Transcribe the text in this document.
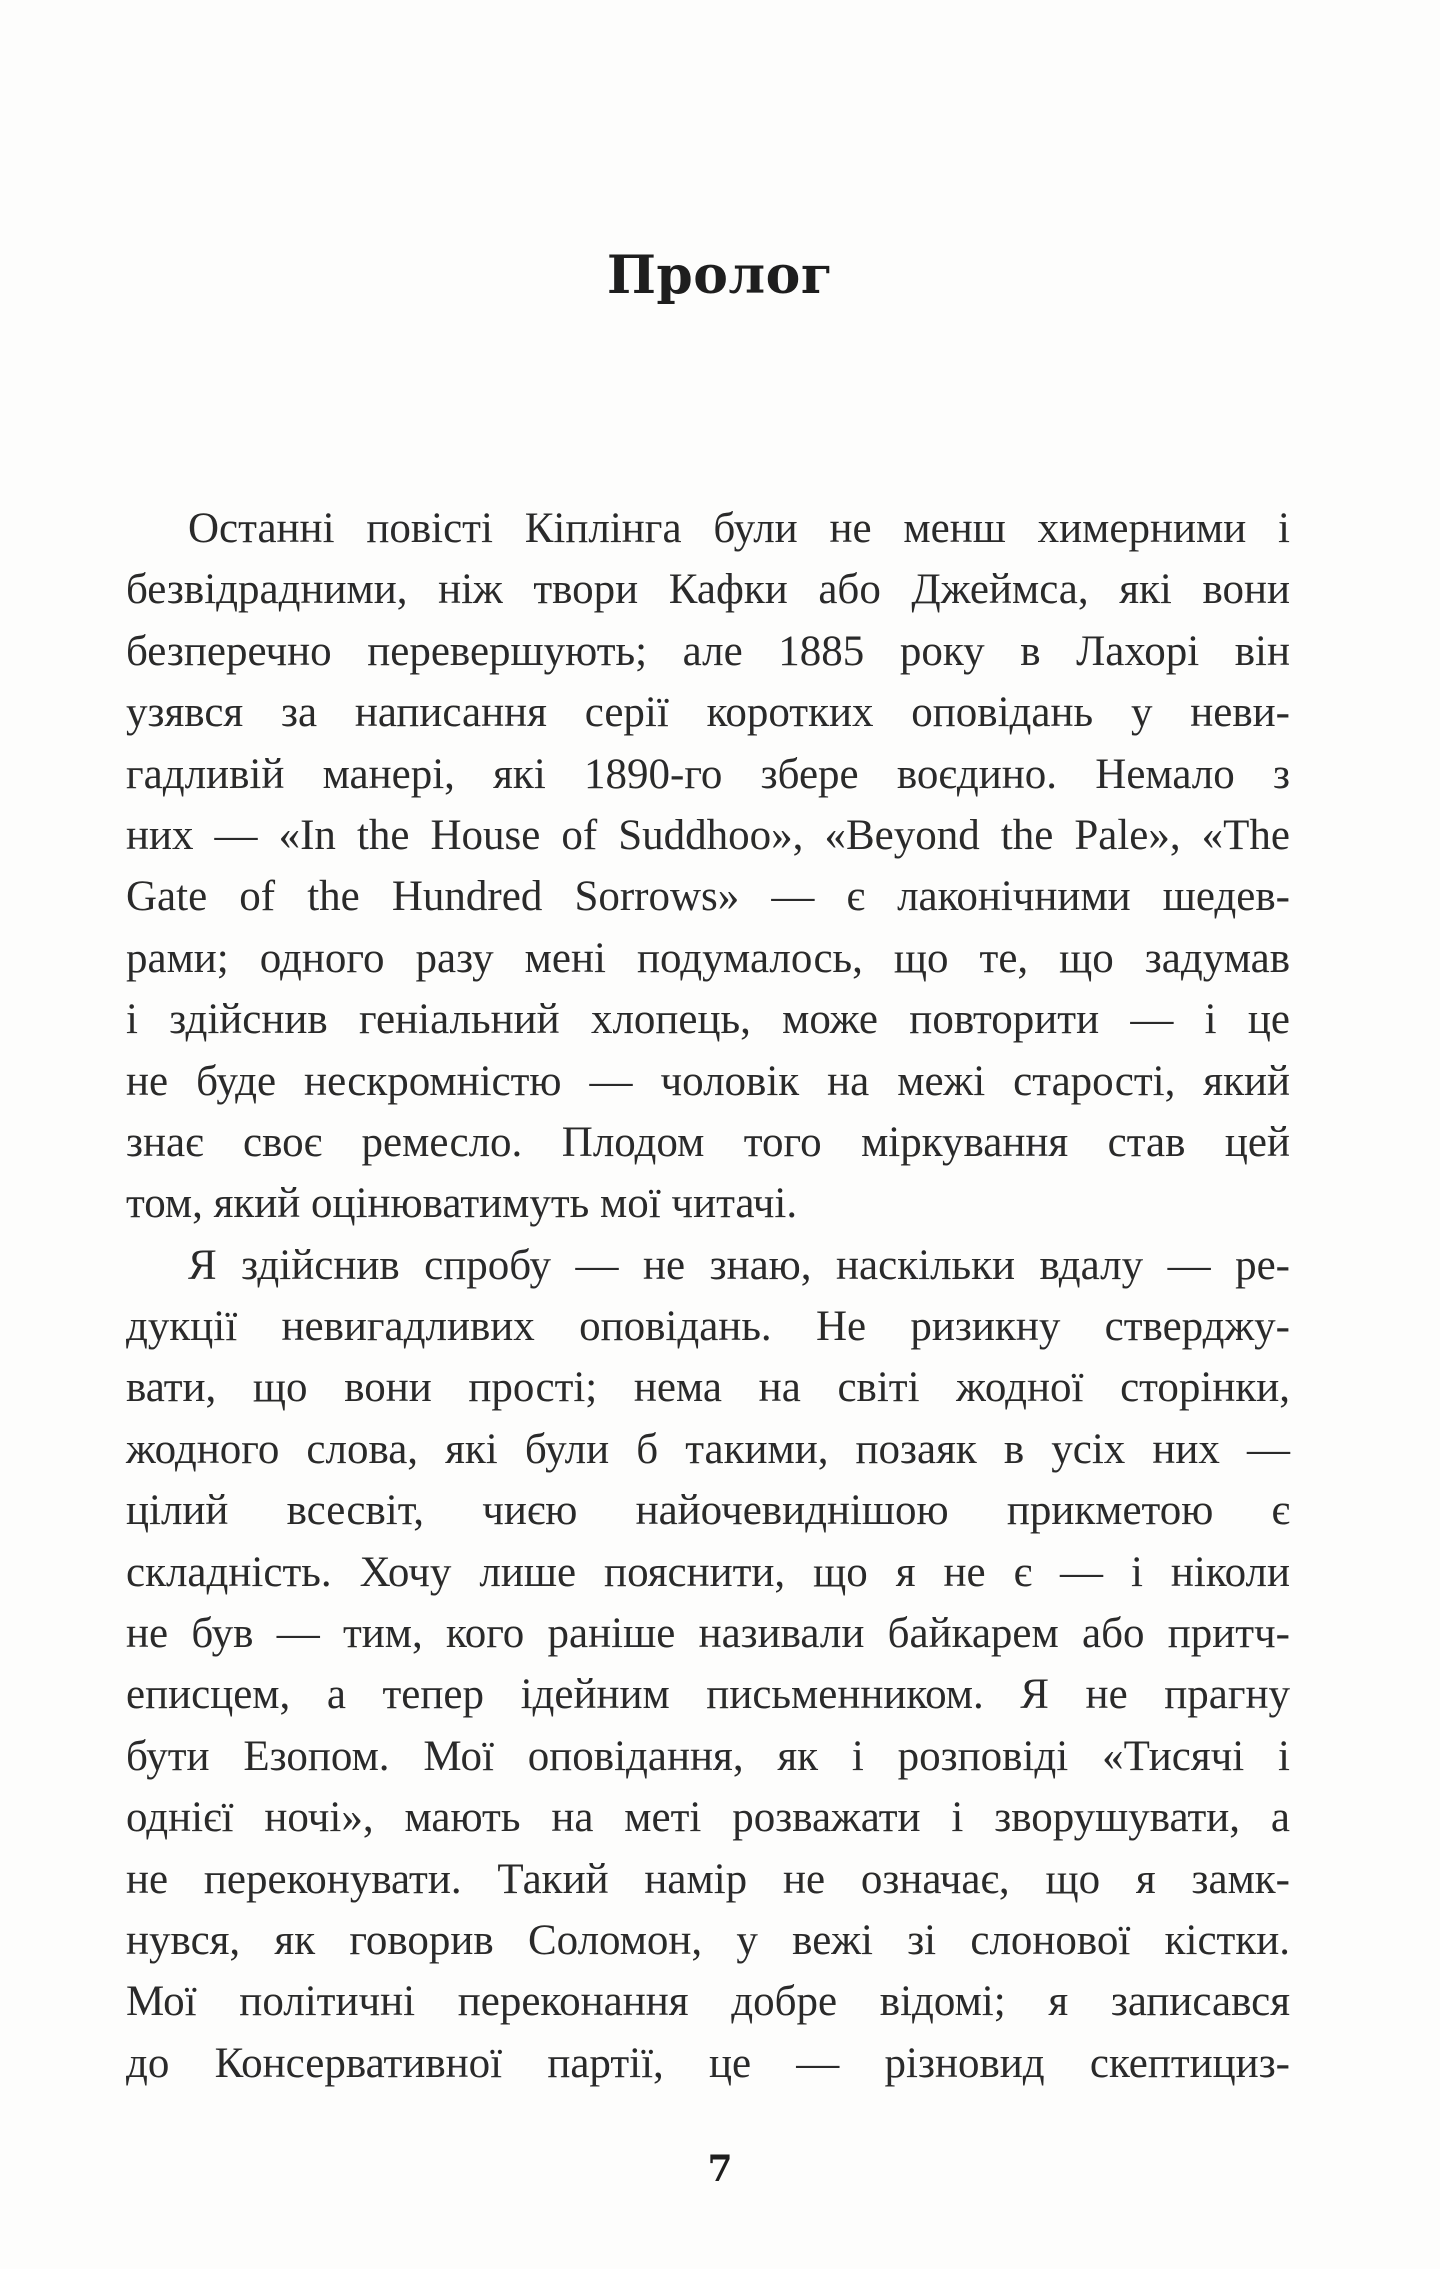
Пролог
Останні повісті Кіплінга були не менш химерними і
безвідрадними, ніж твори Кафки або Джеймса, які вони
безперечно перевершують; але 1885 року в Лахорі він
узявся за написання серії коротких оповідань у неви-
гадливій манері, які 1890-го збере воєдино. Немало з
них — «In the House of Suddhoo», «Beyond the Pale», «The
Gate of the Hundred Sorrows» — є лаконічними шедев-
рами; одного разу мені подумалось, що те, що задумав
і здійснив геніальний хлопець, може повторити — і це
не буде нескромністю — чоловік на межі старості, який
знає своє ремесло. Плодом того міркування став цей
том, який оцінюватимуть мої читачі.
Я здійснив спробу — не знаю, наскільки вдалу — ре-
дукції невигадливих оповідань. Не ризикну стверджу-
вати, що вони прості; нема на світі жодної сторінки,
жодного слова, які були б такими, позаяк в усіх них —
цілий всесвіт, чиєю найочевиднішою прикметою є
складність. Хочу лише пояснити, що я не є — і ніколи
не був — тим, кого раніше називали байкарем або притч-
еписцем, а тепер ідейним письменником. Я не прагну
бути Езопом. Мої оповідання, як і розповіді «Тисячі і
однієї ночі», мають на меті розважати і зворушувати, а
не переконувати. Такий намір не означає, що я замк-
нувся, як говорив Соломон, у вежі зі слонової кістки.
Мої політичні переконання добре відомі; я записався
до Консервативної партії, це — різновид скептициз-
7
